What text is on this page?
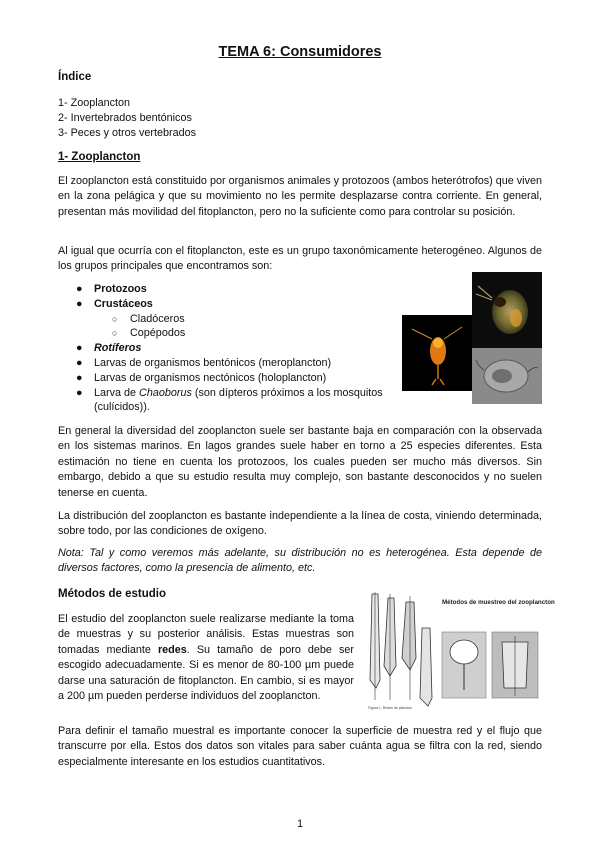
TEMA 6: Consumidores
Índice
1- Zooplancton
2- Invertebrados bentónicos
3- Peces y otros vertebrados
1- Zooplancton
El zooplancton está constituido por organismos animales y protozoos (ambos heterótrofos) que viven en la zona pelágica y que su movimiento no les permite desplazarse contra corriente. En general, presentan más movilidad del fitoplancton, pero no la suficiente como para controlar su posición.
Al igual que ocurría con el fitoplancton, este es un grupo taxonómicamente heterogéneo. Algunos de los grupos principales que encontramos son:
● Protozoos
● Crustáceos
○ Cladóceros
○ Copépodos
● Rotíferos
● Larvas de organismos bentónicos (meroplancton)
● Larvas de organismos nectónicos (holoplancton)
● Larva de Chaoborus (son dípteros próximos a los mosquitos (culícidos)).
En general la diversidad del zooplancton suele ser bastante baja en comparación con la observada en los sistemas marinos. En lagos grandes suele haber en torno a 25 especies diferentes. Esta estimación no tiene en cuenta los protozoos, los cuales pueden ser mucho más diversos. Sin embargo, debido a que su estudio resulta muy complejo, son bastante desconocidos y no suelen tenerse en cuenta.
La distribución del zooplancton es bastante independiente a la línea de costa, viniendo determinada, sobre todo, por las condiciones de oxígeno.
Nota: Tal y como veremos más adelante, su distribución no es heterogénea. Esta depende de diversos factores, como la presencia de alimento, etc.
Métodos de estudio
El estudio del zooplancton suele realizarse mediante la toma de muestras y su posterior análisis. Estas muestras son tomadas mediante redes. Su tamaño de poro debe ser escogido adecuadamente. Si es menor de 80-100 µm puede darse una saturación de fitoplancton. En cambio, si es mayor a 200 µm pueden perderse individuos del zooplancton.
Figura 1. Redes de plancton
Métodos de muestreo del zooplancton
Para definir el tamaño muestral es importante conocer la superficie de muestra red y el flujo que transcurre por ella. Estos dos datos son vitales para saber cuánta agua se filtra con la red, siendo especialmente interesante en los estudios cuantitativos.
1
